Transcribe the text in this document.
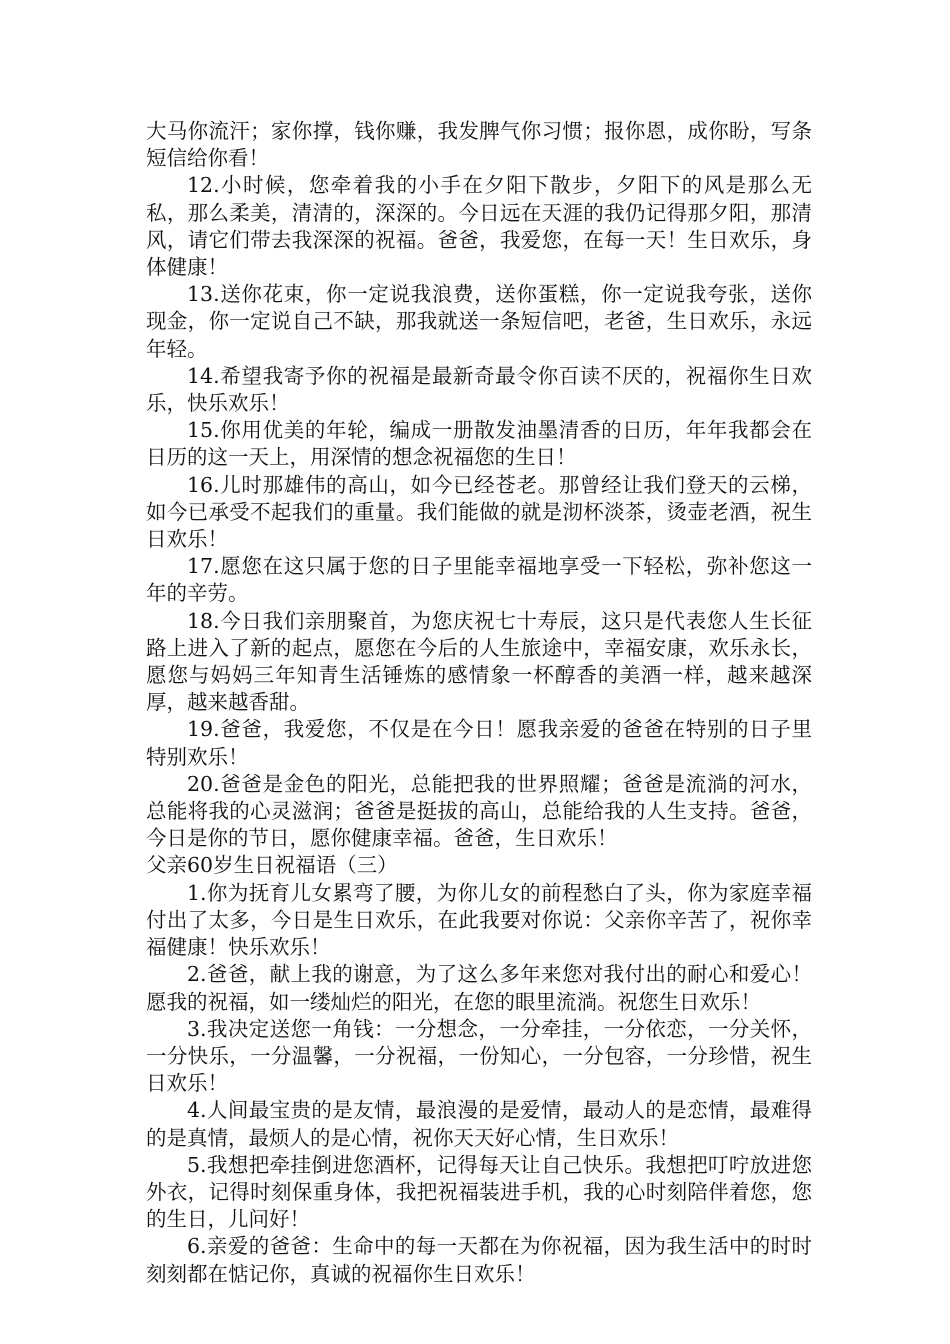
大马你流汗；家你撑，钱你赚，我发脾气你习惯；报你恩，成你盼，写条短信给你看！

12.小时候，您牵着我的小手在夕阳下散步，夕阳下的风是那么无私，那么柔美，清清的，深深的。今日远在天涯的我仍记得那夕阳，那清风，请它们带去我深深的祝福。爸爸，我爱您，在每一天！生日欢乐，身体健康！

13.送你花束，你一定说我浪费，送你蛋糕，你一定说我夸张，送你现金，你一定说自己不缺，那我就送一条短信吧，老爸，生日欢乐，永远年轻。

14.希望我寄予你的祝福是最新奇最令你百读不厌的，祝福你生日欢乐，快乐欢乐！

15.你用优美的年轮，编成一册散发油墨清香的日历，年年我都会在日历的这一天上，用深情的想念祝福您的生日！

16.儿时那雄伟的高山，如今已经苍老。那曾经让我们登天的云梯，如今已承受不起我们的重量。我们能做的就是沏杯淡茶，烫壶老酒，祝生日欢乐！

17.愿您在这只属于您的日子里能幸福地享受一下轻松，弥补您这一年的辛劳。

18.今日我们亲朋聚首，为您庆祝七十寿辰，这只是代表您人生长征路上进入了新的起点，愿您在今后的人生旅途中，幸福安康，欢乐永长，愿您与妈妈三年知青生活锤炼的感情象一杯醇香的美酒一样，越来越深厚，越来越香甜。

19.爸爸，我爱您，不仅是在今日！愿我亲爱的爸爸在特别的日子里特别欢乐！

20.爸爸是金色的阳光，总能把我的世界照耀；爸爸是流淌的河水，总能将我的心灵滋润；爸爸是挺拔的高山，总能给我的人生支持。爸爸，今日是你的节日，愿你健康幸福。爸爸，生日欢乐！

父亲60岁生日祝福语（三）

1.你为抚育儿女累弯了腰，为你儿女的前程愁白了头，你为家庭幸福付出了太多，今日是生日欢乐，在此我要对你说：父亲你辛苦了，祝你幸福健康！快乐欢乐！

2.爸爸，献上我的谢意，为了这么多年来您对我付出的耐心和爱心！愿我的祝福，如一缕灿烂的阳光，在您的眼里流淌。祝您生日欢乐！

3.我决定送您一角钱：一分想念，一分牵挂，一分依恋，一分关怀，一分快乐，一分温馨，一分祝福，一份知心，一分包容，一分珍惜，祝生日欢乐！

4.人间最宝贵的是友情，最浪漫的是爱情，最动人的是恋情，最难得的是真情，最烦人的是心情，祝你天天好心情，生日欢乐！

5.我想把牵挂倒进您酒杯，记得每天让自己快乐。我想把叮咛放进您外衣，记得时刻保重身体，我把祝福装进手机，我的心时刻陪伴着您，您的生日，儿问好！

6.亲爱的爸爸：生命中的每一天都在为你祝福，因为我生活中的时时刻刻都在惦记你，真诚的祝福你生日欢乐！
